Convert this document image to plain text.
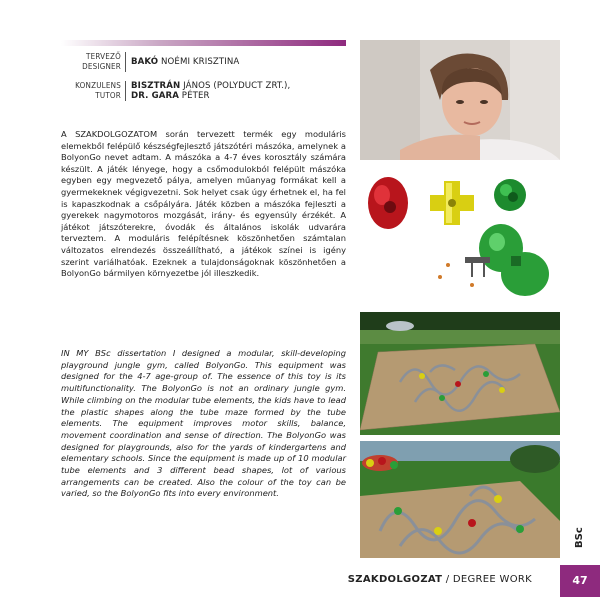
TERVEZŐ
DESIGNER	BAKÓ NOÉMI KRISZTINA
KONZULENS
TUTOR
BISZTRÁN JÁNOS (POLYDUCT ZRT.),
DR. GARA PÉTER

A SZAKDOLGOZATOM során tervezett termék egy moduláris elemekből felépülő készségfejlesztő játszótéri mászóka, amelynek a BolyonGo nevet adtam. A mászóka a 4-7 éves korosztály számára készült. A játék lényege, hogy a csőmodulokból felépült mászóka egyben egy megvezető pálya, amelyen műanyag formákat kell a gyermekeknek végigvezetni. Sok helyet csak úgy érhetnek el, ha fel is kapaszkodnak a csőpályára. Játék közben a mászóka fejleszti a gyerekek nagymotoros mozgását, irány- és egyensúly érzékét. A játékot játszóterekre, óvodák és általános iskolák udvarára terveztem. A moduláris felépítésnek köszönhetően számtalan változatos elrendezés összeállítható, a játékok színei is igény szerint variálhatóak. Ezeknek a tulajdonságoknak köszönhetően a BolyonGo bármilyen környezetbe jól illeszkedik.

IN MY BSc dissertation I designed a modular, skill-developing playground jungle gym, called BolyonGo. This equipment was designed for the 4-7 age-group of. The essence of this toy is its multifunctionality. The BolyonGo is not an ordinary jungle gym. While climbing on the modular tube elements, the kids have to lead the plastic shapes along the tube maze formed by the tube elements. The equipment improves motor skills, balance, movement coordination and sense of direction. The BolyonGo was designed for playgrounds, also for the yards of kindergartens and elementary schools. Since the equipment is made up of 10 modular tube elements and 3 different bead shapes, lot of various arrangements can be created. Also the colour of the toy can be varied, so the BolyonGo fits into every environment.

BSc
SZAKDOLGOZAT / DEGREE WORK	47
